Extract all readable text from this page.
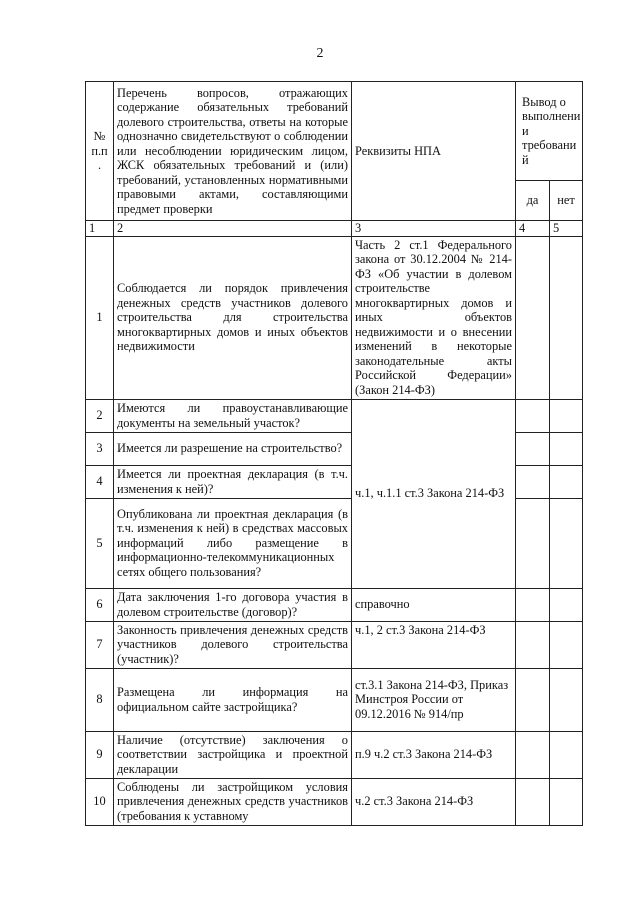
2
№ п.п .	Перечень вопросов, отражающих содержание обязательных требований долевого строительства, ответы на которые однозначно свидетельствуют о соблюдении или несоблюдении юридическим лицом, ЖСК обязательных требований и (или) требований, установленных нормативными правовыми актами, составляющими предмет проверки	Реквизиты НПА	Вывод о выполнени и требовани й	
			да	нет
1	2	3	4	5
1	Соблюдается ли порядок привлечения денежных средств участников долевого строительства для строительства многоквартирных домов и иных объектов недвижимости	Часть 2 ст.1 Федерального закона от 30.12.2004 № 214-ФЗ «Об участии в долевом строительстве многоквартирных домов и иных объектов недвижимости и о внесении изменений в некоторые законодательные акты Российской Федерации» (Закон 214-ФЗ)		
2	Имеются ли правоустанавливающие документы на земельный участок?	ч.1, ч.1.1 ст.3 Закона 214-ФЗ		
3	Имеется ли разрешение на строительство?			
4	Имеется ли проектная декларация (в т.ч. изменения к ней)?			
5	Опубликована ли проектная декларация (в т.ч. изменения к ней) в средствах массовых информаций либо размещение в информационно-телекоммуникационных сетях общего пользования?			
6	Дата заключения 1-го договора участия в долевом строительстве (договор)?	справочно		
7	Законность привлечения денежных средств участников долевого строительства (участник)?	ч.1, 2 ст.3 Закона 214-ФЗ		
8	Размещена ли информация на официальном сайте застройщика?	ст.3.1 Закона 214-ФЗ, Приказ Минстроя России от 09.12.2016 № 914/пр		
9	Наличие (отсутствие) заключения о соответствии застройщика и проектной декларации	п.9 ч.2 ст.3 Закона 214-ФЗ		
10	Соблюдены ли застройщиком условия привлечения денежных средств участников (требования к уставному	ч.2 ст.3 Закона 214-ФЗ		
